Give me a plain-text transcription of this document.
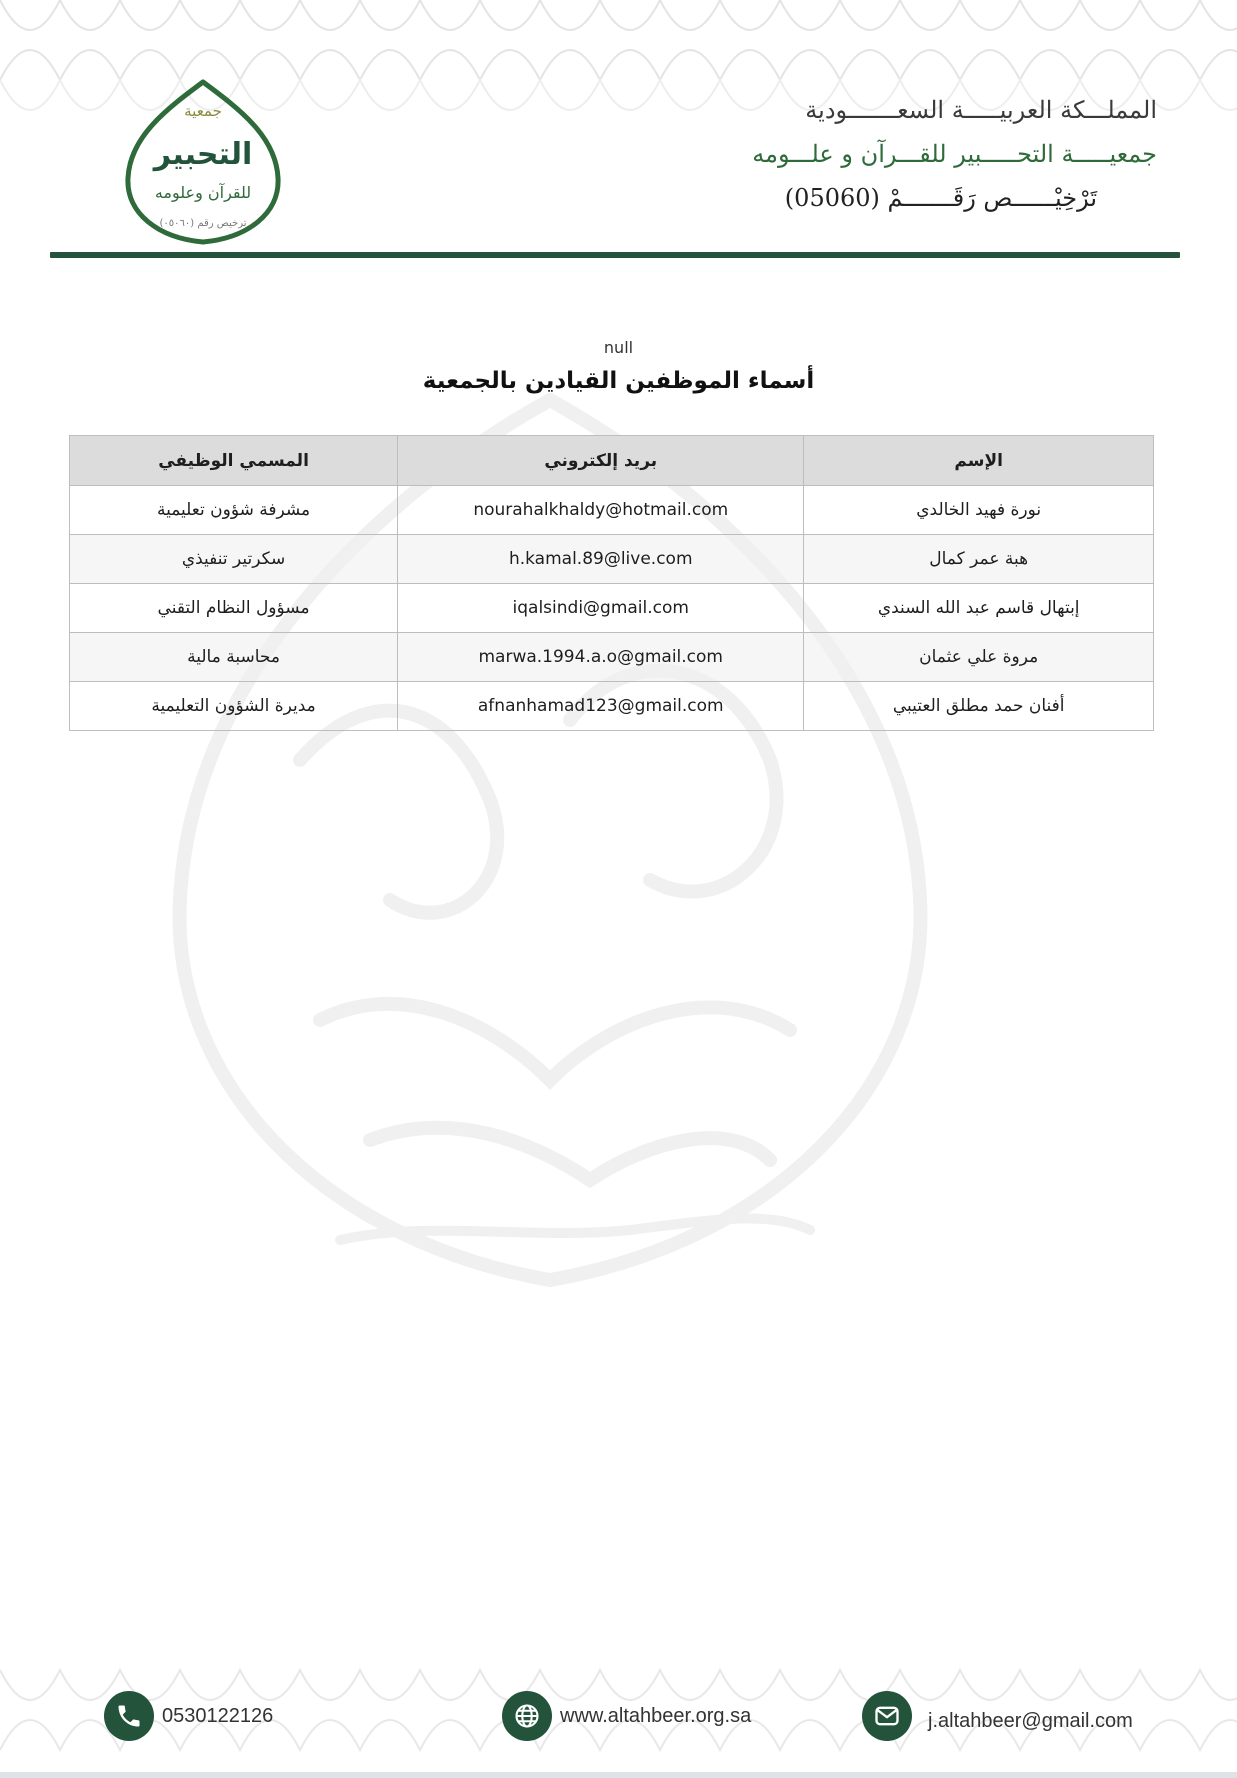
المملـــكة العربيـــــة السعـــــــودية
جمعيـــــة التحـــــبير للقـــرآن و علـــومه
تَرْخِيْــــــص رَقَـــــــمْ (05060)
جمعية
التحبير
للقرآن وعلومه
ترخيص رقم (٠٥٠٦٠)
null
أسماء الموظفين القيادين بالجمعية
الإسم	بريد إلكتروني	المسمي الوظيفي
نورة فهيد الخالدي	nourahalkhaldy@hotmail.com	مشرفة شؤون تعليمية
هبة عمر كمال	h.kamal.89@live.com	سكرتير تنفيذي
إبتهال قاسم عبد الله السندي	iqalsindi@gmail.com	مسؤول النظام التقني
مروة علي عثمان	marwa.1994.a.o@gmail.com	محاسبة مالية
أفنان حمد مطلق العتيبي	afnanhamad123@gmail.com	مديرة الشؤون التعليمية
0530122126	www.altahbeer.org.sa	j.altahbeer@gmail.com
